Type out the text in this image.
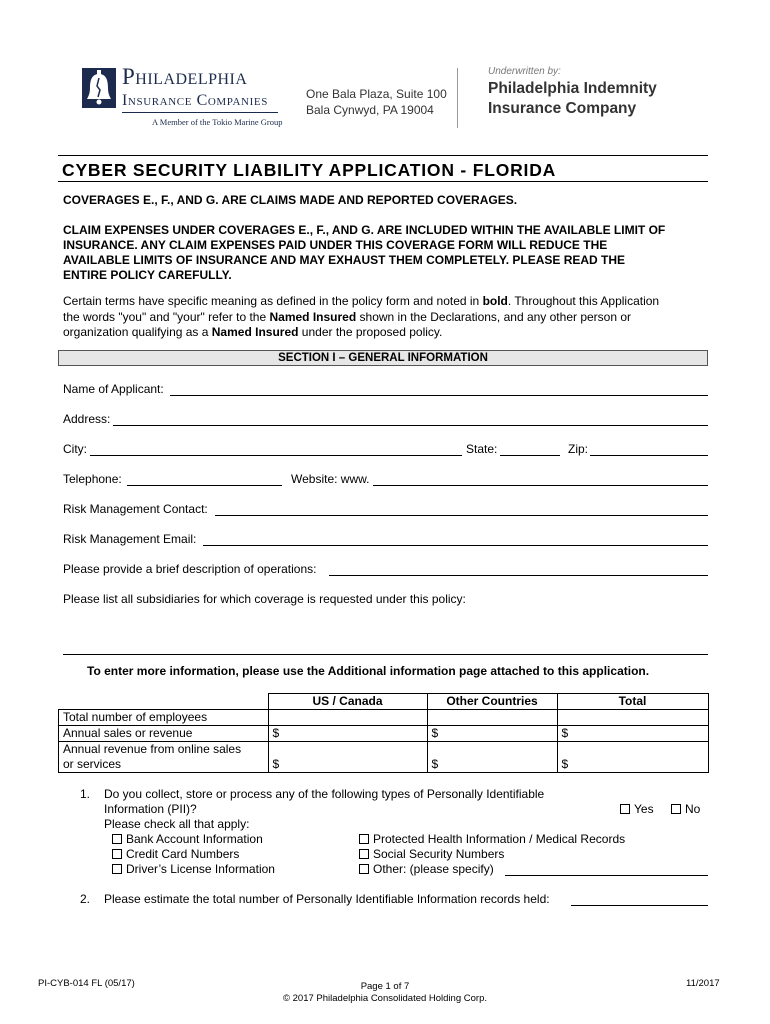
Philadelphia
Insurance Companies
A Member of the Tokio Marine Group
One Bala Plaza, Suite 100
Bala Cynwyd, PA 19004
Underwritten by:
Philadelphia Indemnity
Insurance Company
CYBER SECURITY LIABILITY APPLICATION - FLORIDA
COVERAGES E., F., AND G. ARE CLAIMS MADE AND REPORTED COVERAGES.
CLAIM EXPENSES UNDER COVERAGES E., F., AND G. ARE INCLUDED WITHIN THE AVAILABLE LIMIT OF
INSURANCE. ANY CLAIM EXPENSES PAID UNDER THIS COVERAGE FORM WILL REDUCE THE
AVAILABLE LIMITS OF INSURANCE AND MAY EXHAUST THEM COMPLETELY. PLEASE READ THE
ENTIRE POLICY CAREFULLY.
Certain terms have specific meaning as defined in the policy form and noted in bold. Throughout this Application
the words "you" and "your" refer to the Named Insured shown in the Declarations, and any other person or
organization qualifying as a Named Insured under the proposed policy.
SECTION I – GENERAL INFORMATION
Name of Applicant:
Address:
City:	State:	Zip:
Telephone:	Website: www.
Risk Management Contact:
Risk Management Email:
Please provide a brief description of operations:
Please list all subsidiaries for which coverage is requested under this policy:
To enter more information, please use the Additional information page attached to this application.
	US / Canada	Other Countries	Total
Total number of employees			
Annual sales or revenue	$	$	$

Annual revenue from online sales
or services	$	$	$
1. Do you collect, store or process any of the following types of Personally Identifiable
Information (PII)?	Yes	No
Please check all that apply:
Bank Account Information
Credit Card Numbers
Driver’s License Information
Protected Health Information / Medical Records
Social Security Numbers
Other: (please specify)
2. Please estimate the total number of Personally Identifiable Information records held:
PI-CYB-014 FL (05/17)	Page 1 of 7
© 2017 Philadelphia Consolidated Holding Corp.
11/2017
